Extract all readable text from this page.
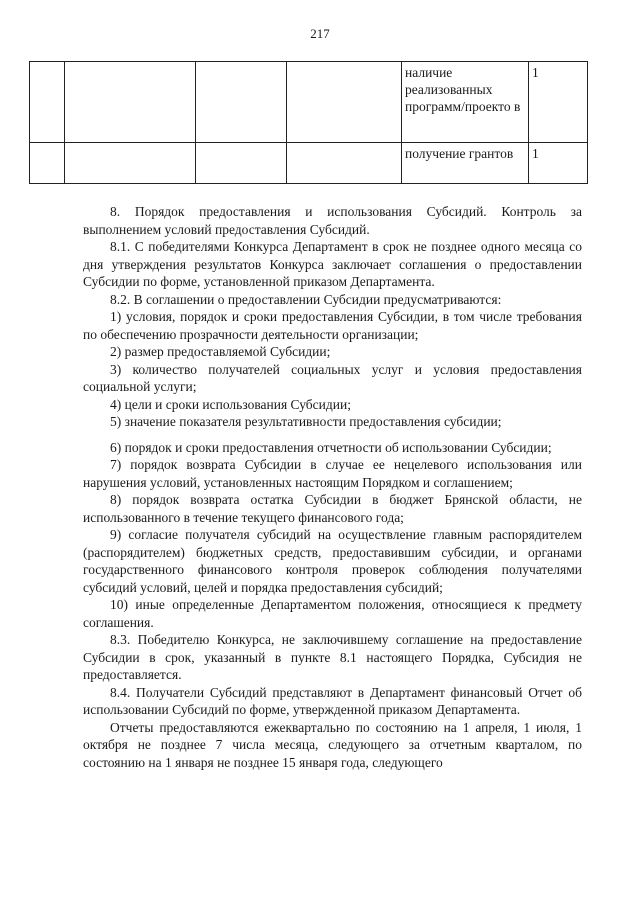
217
				наличие реализованных программ/проекто в	1
				получение грантов	1

8. Порядок предоставления и использования Субсидий. Контроль за выполнением условий предоставления Субсидий.

8.1. С победителями Конкурса Департамент в срок не позднее одного месяца со дня утверждения результатов Конкурса заключает соглашения о предоставлении Субсидии по форме, установленной приказом Департамента.

8.2. В соглашении о предоставлении Субсидии предусматриваются:

1) условия, порядок и сроки предоставления Субсидии, в том числе требования по обеспечению прозрачности деятельности организации;

2) размер предоставляемой Субсидии;

3) количество получателей социальных услуг и условия предоставления социальной услуги;

4) цели и сроки использования Субсидии;

5) значение показателя результативности предоставления субсидии;

6) порядок и сроки предоставления отчетности об использовании Субсидии;

7) порядок возврата Субсидии в случае ее нецелевого использования или нарушения условий, установленных настоящим Порядком и соглашением;

8) порядок возврата остатка Субсидии в бюджет Брянской области, не использованного в течение текущего финансового года;

9) согласие получателя субсидий на осуществление главным распорядителем (распорядителем) бюджетных средств, предоставившим субсидии, и органами государственного финансового контроля проверок соблюдения получателями субсидий условий, целей и порядка предоставления субсидий;

10) иные определенные Департаментом положения, относящиеся к предмету соглашения.

8.3. Победителю Конкурса, не заключившему соглашение на предоставление Субсидии в срок, указанный в пункте 8.1 настоящего Порядка, Субсидия не предоставляется.

8.4. Получатели Субсидий представляют в Департамент финансовый Отчет об использовании Субсидий по форме, утвержденной приказом Департамента.

Отчеты предоставляются ежеквартально по состоянию на 1 апреля, 1 июля, 1 октября не позднее 7 числа месяца, следующего за отчетным кварталом, по состоянию на 1 января не позднее 15 января года, следующего
